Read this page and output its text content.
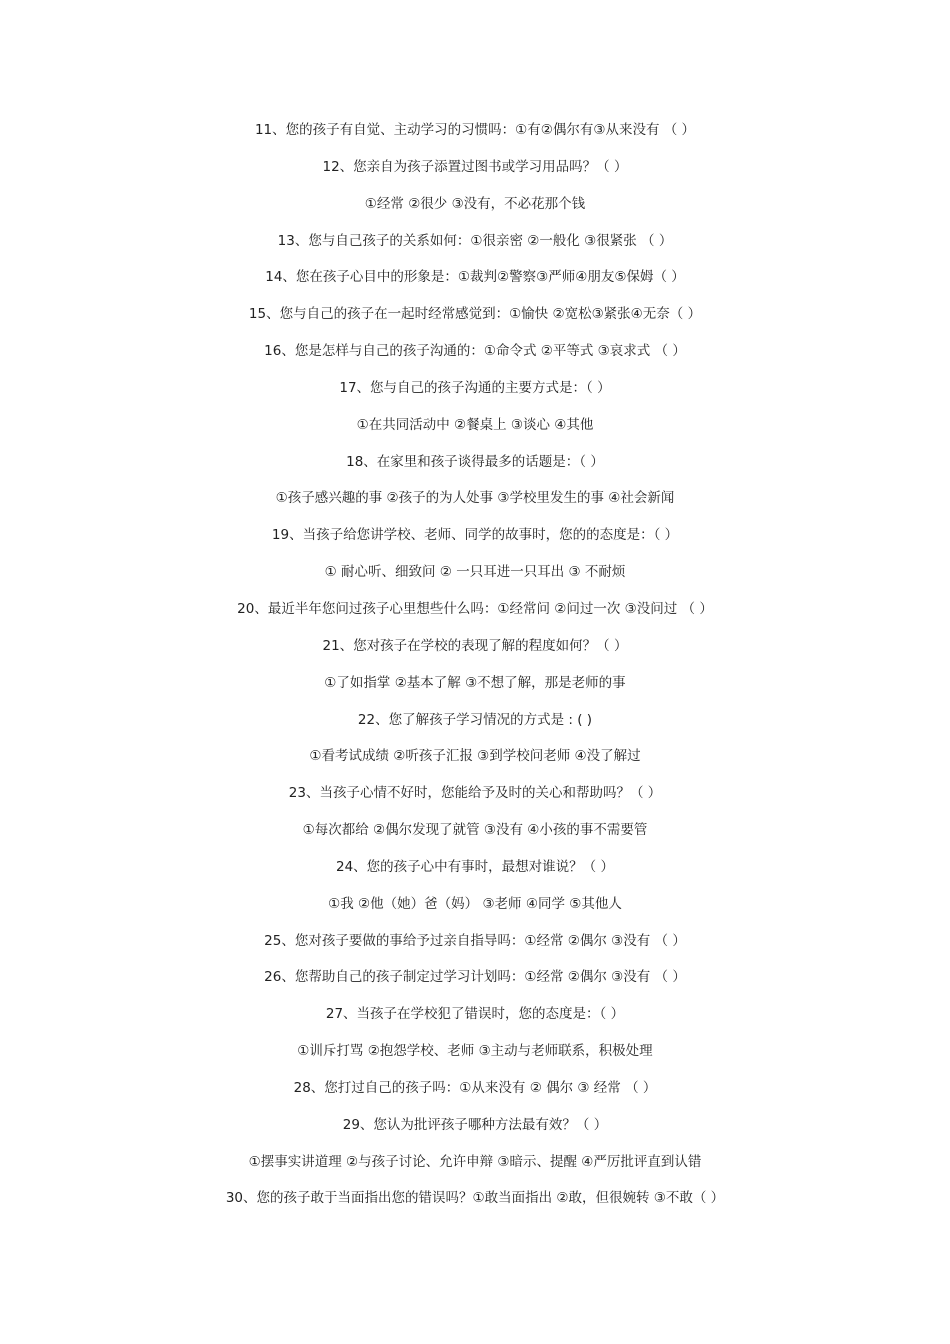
11、您的孩子有自觉、主动学习的习惯吗：①有②偶尔有③从来没有 （ ）
12、您亲自为孩子添置过图书或学习用品吗？（ ）
①经常 ②很少 ③没有，不必花那个钱
13、您与自己孩子的关系如何：①很亲密 ②一般化 ③很紧张 （ ）
14、您在孩子心目中的形象是：①裁判②警察③严师④朋友⑤保姆（ ）
15、您与自己的孩子在一起时经常感觉到：①愉快 ②宽松③紧张④无奈（ ）
16、您是怎样与自己的孩子沟通的：①命令式 ②平等式 ③哀求式 （ ）
17、您与自己的孩子沟通的主要方式是：（ ）
①在共同活动中 ②餐桌上 ③谈心 ④其他
18、在家里和孩子谈得最多的话题是：（ ）
①孩子感兴趣的事 ②孩子的为人处事 ③学校里发生的事 ④社会新闻
19、当孩子给您讲学校、老师、同学的故事时，您的的态度是：（ ）
① 耐心听、细致问 ② 一只耳进一只耳出 ③ 不耐烦
20、最近半年您问过孩子心里想些什么吗：①经常问 ②问过一次 ③没问过 （ ）
21、您对孩子在学校的表现了解的程度如何？（ ）
①了如指掌 ②基本了解 ③不想了解，那是老师的事
22、您了解孩子学习情况的方式是 : ( )
①看考试成绩 ②听孩子汇报 ③到学校问老师 ④没了解过
23、当孩子心情不好时，您能给予及时的关心和帮助吗？（ ）
①每次都给 ②偶尔发现了就管 ③没有 ④小孩的事不需要管
24、您的孩子心中有事时，最想对谁说？（ ）
①我 ②他（她）爸（妈） ③老师 ④同学 ⑤其他人
25、您对孩子要做的事给予过亲自指导吗：①经常 ②偶尔 ③没有 （ ）
26、您帮助自己的孩子制定过学习计划吗：①经常 ②偶尔 ③没有 （ ）
27、当孩子在学校犯了错误时，您的态度是：（ ）
①训斥打骂 ②抱怨学校、老师 ③主动与老师联系，积极处理
28、您打过自己的孩子吗：①从来没有 ② 偶尔 ③ 经常 （ ）
29、您认为批评孩子哪种方法最有效？（ ）
①摆事实讲道理 ②与孩子讨论、允许申辩 ③暗示、提醒 ④严厉批评直到认错
30、您的孩子敢于当面指出您的错误吗？①敢当面指出 ②敢，但很婉转 ③不敢（ ）
